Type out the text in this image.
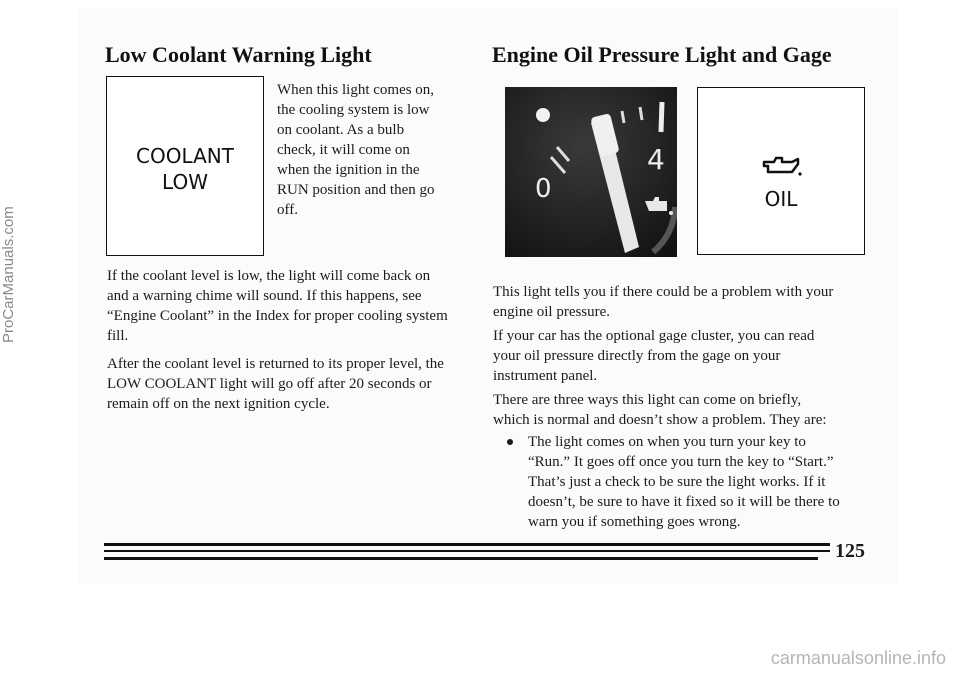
Low Coolant Warning Light
COOLANT
LOW
When this light comes on,
the cooling system is low
on coolant. As a bulb
check, it will come on
when the ignition in the
RUN position and then go
off.
If the coolant level is low, the light will come back on
and a warning chime will sound. If this happens, see
“Engine Coolant” in the Index for proper cooling system
fill.
After the coolant level is returned to its proper level, the
LOW COOLANT light will go off after 20 seconds or
remain off on the next ignition cycle.
Engine Oil Pressure Light and Gage
0
4
OIL
This light tells you if there could be a problem with your
engine oil pressure.
If your car has the optional gage cluster, you can read
your oil pressure directly from the gage on your
instrument panel.
There are three ways this light can come on briefly,
which is normal and doesn’t show a problem. They are:
The light comes on when you turn your key to
“Run.” It goes off once you turn the key to “Start.”
That’s just a check to be sure the light works. If it
doesn’t, be sure to have it fixed so it will be there to
warn you if something goes wrong.
125
ProCarManuals.com
carmanualsonline.info
